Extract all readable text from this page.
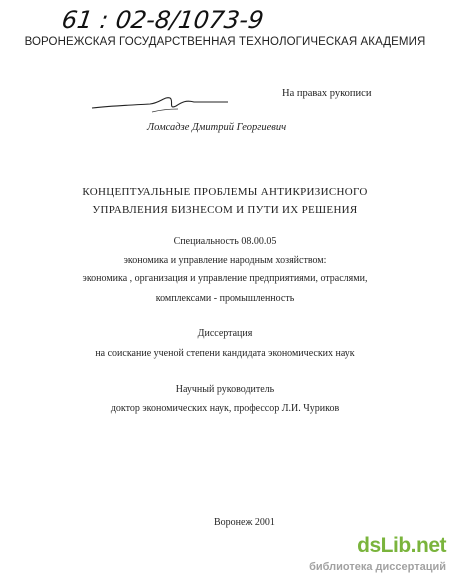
61 : 02-8/1073-9
ВОРОНЕЖСКАЯ ГОСУДАРСТВЕННАЯ ТЕХНОЛОГИЧЕСКАЯ АКАДЕМИЯ
На правах рукописи
Ломсадзе Дмитрий Георгиевич
КОНЦЕПТУАЛЬНЫЕ ПРОБЛЕМЫ АНТИКРИЗИСНОГО
УПРАВЛЕНИЯ БИЗНЕСОМ И ПУТИ ИХ РЕШЕНИЯ
Специальность 08.00.05
экономика и управление народным хозяйством:
экономика , организация и управление предприятиями, отраслями,
комплексами - промышленность
Диссертация
на соискание ученой степени кандидата экономических наук
Научный руководитель
доктор экономических наук, профессор Л.И. Чуриков
Воронеж 2001
dsLib.net
библиотека диссертаций
